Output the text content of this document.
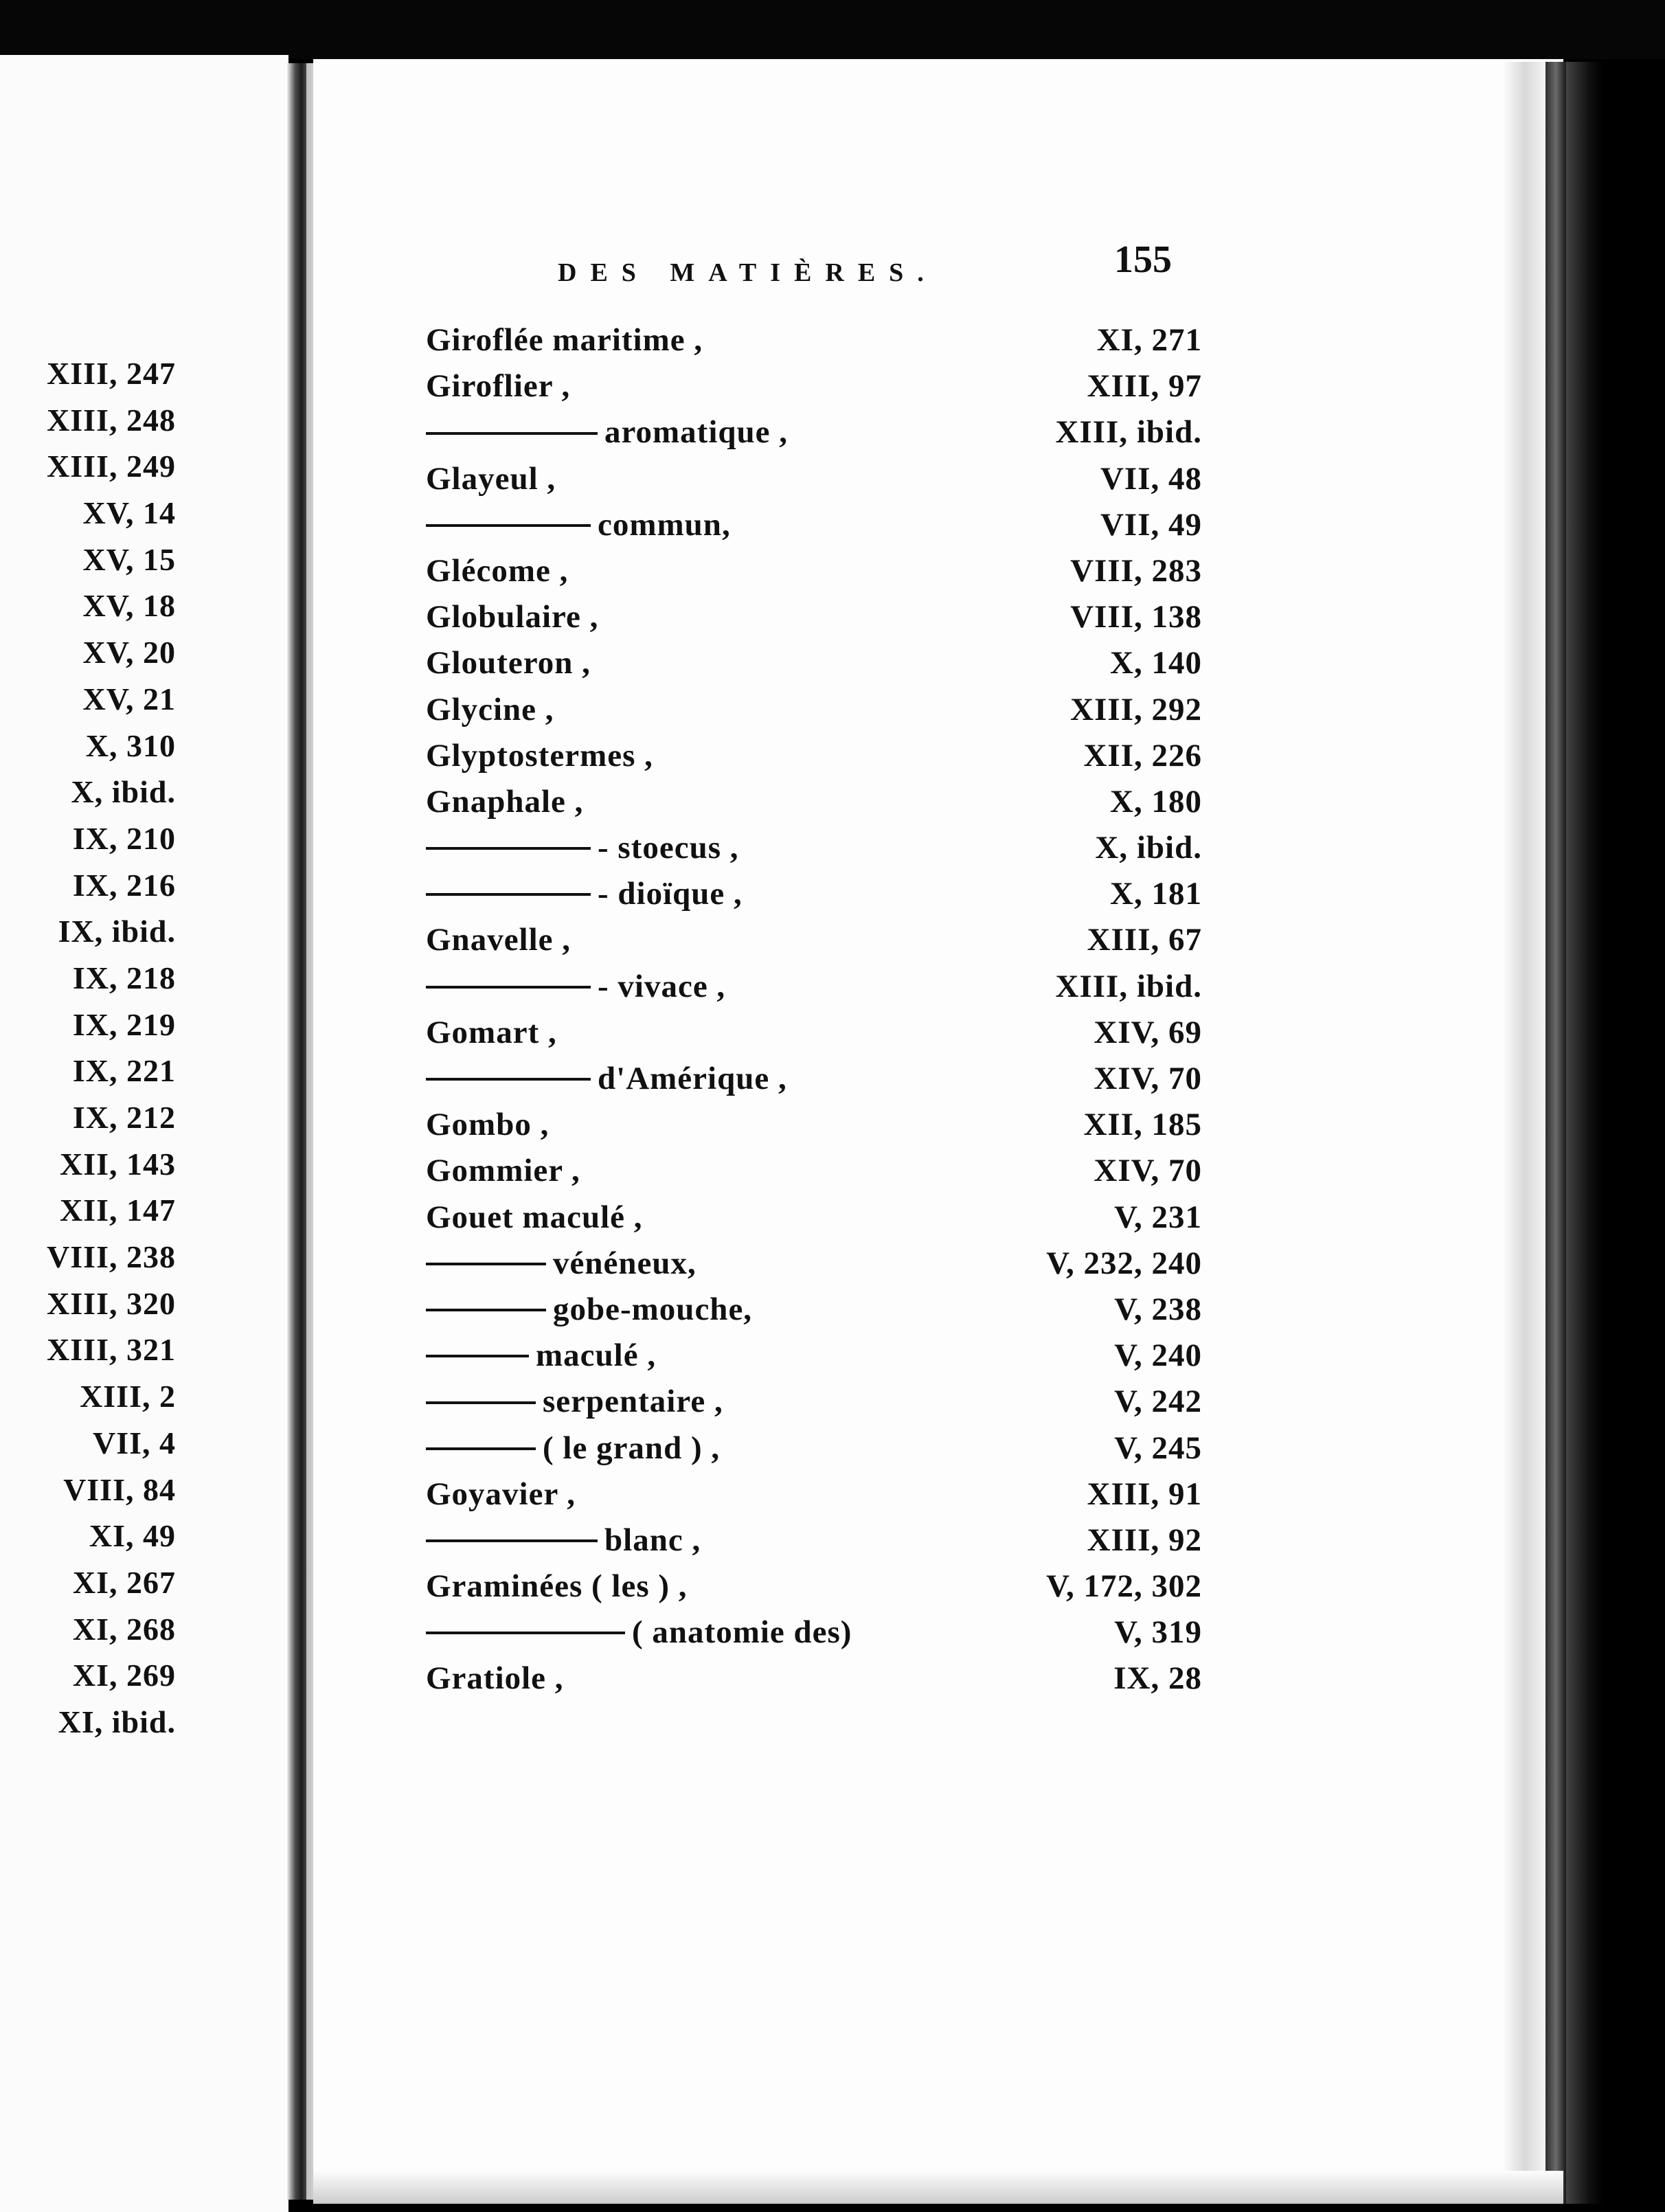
XIII, 247
XIII, 248
XIII, 249
XV, 14
XV, 15
XV, 18
XV, 20
XV, 21
X, 310
X, ibid.
IX, 210
IX, 216
IX, ibid.
IX, 218
IX, 219
IX, 221
IX, 212
XII, 143
XII, 147
VIII, 238
XIII, 320
XIII, 321
XIII, 2
VII, 4
VIII, 84
XI, 49
XI, 267
XI, 268
XI, 269
XI, ibid.
DES MATIÈRES.	155
Giroflée maritime ,	XI, 271
Giroflier ,	XIII, 97
aromatique ,	XIII, ibid.
Glayeul ,	VII, 48
commun,	VII, 49
Glécome ,	VIII, 283
Globulaire ,	VIII, 138
Glouteron ,	X, 140
Glycine ,	XIII, 292
Glyptostermes ,	XII, 226
Gnaphale ,	X, 180
- stoecus ,	X, ibid.
- dioïque ,	X, 181
Gnavelle ,	XIII, 67
- vivace ,	XIII, ibid.
Gomart ,	XIV, 69
d'Amérique ,	XIV, 70
Gombo ,	XII, 185
Gommier ,	XIV, 70
Gouet maculé ,	V, 231
vénéneux,	V, 232, 240
gobe-mouche,	V, 238
maculé ,	V, 240
serpentaire ,	V, 242
( le grand ) ,	V, 245
Goyavier ,	XIII, 91
blanc ,	XIII, 92
Graminées ( les ) ,	V, 172, 302
( anatomie des)	V, 319
Gratiole ,	IX, 28
